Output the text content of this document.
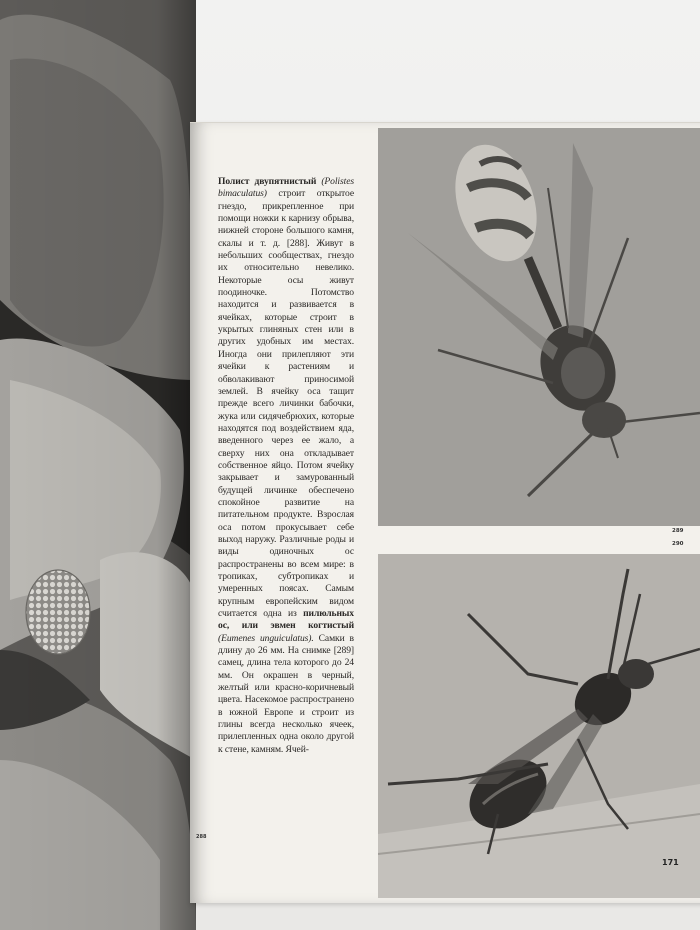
Полист двупятнистый (Polistes bimaculatus) строит открытое гнездо, прикрепленное при помощи ножки к карнизу обрыва, нижней стороне большого камня, скалы и т. д. [288]. Живут в небольших сообществах, гнездо их относительно невелико. Некоторые осы живут поодиночке. Потомство находится и развивается в ячейках, которые строит в укрытых глиняных стен или в других удобных им местах. Иногда они прилепляют эти ячейки к растениям и обволакивают приносимой землей. В ячейку оса тащит прежде всего личинки бабочки, жука или сидячебрюхих, которые находятся под воздействием яда, введенного через ее жало, а сверху них она откладывает собственное яйцо. Потом ячейку закрывает и замурованный будущей личинке обеспечено спокойное развитие на питательном продукте. Взрослая оса потом прокусывает себе выход наружу. Различные роды и виды одиночных ос распространены во всем мире: в тропиках, субтропиках и умеренных поясах. Самым крупным европейским видом считается одна из пилюльных ос, или эвмен когтистый (Eumenes unguiculatus). Самки в длину до 26 мм. На снимке [289] самец, длина тела которого до 24 мм. Он окрашен в черный, желтый или красно-коричневый цвета. Насекомое распространено в южной Европе и строит из глины всегда несколько ячеек, прилепленных одна около другой к стене, камням. Ячей-
288
289
290
171
